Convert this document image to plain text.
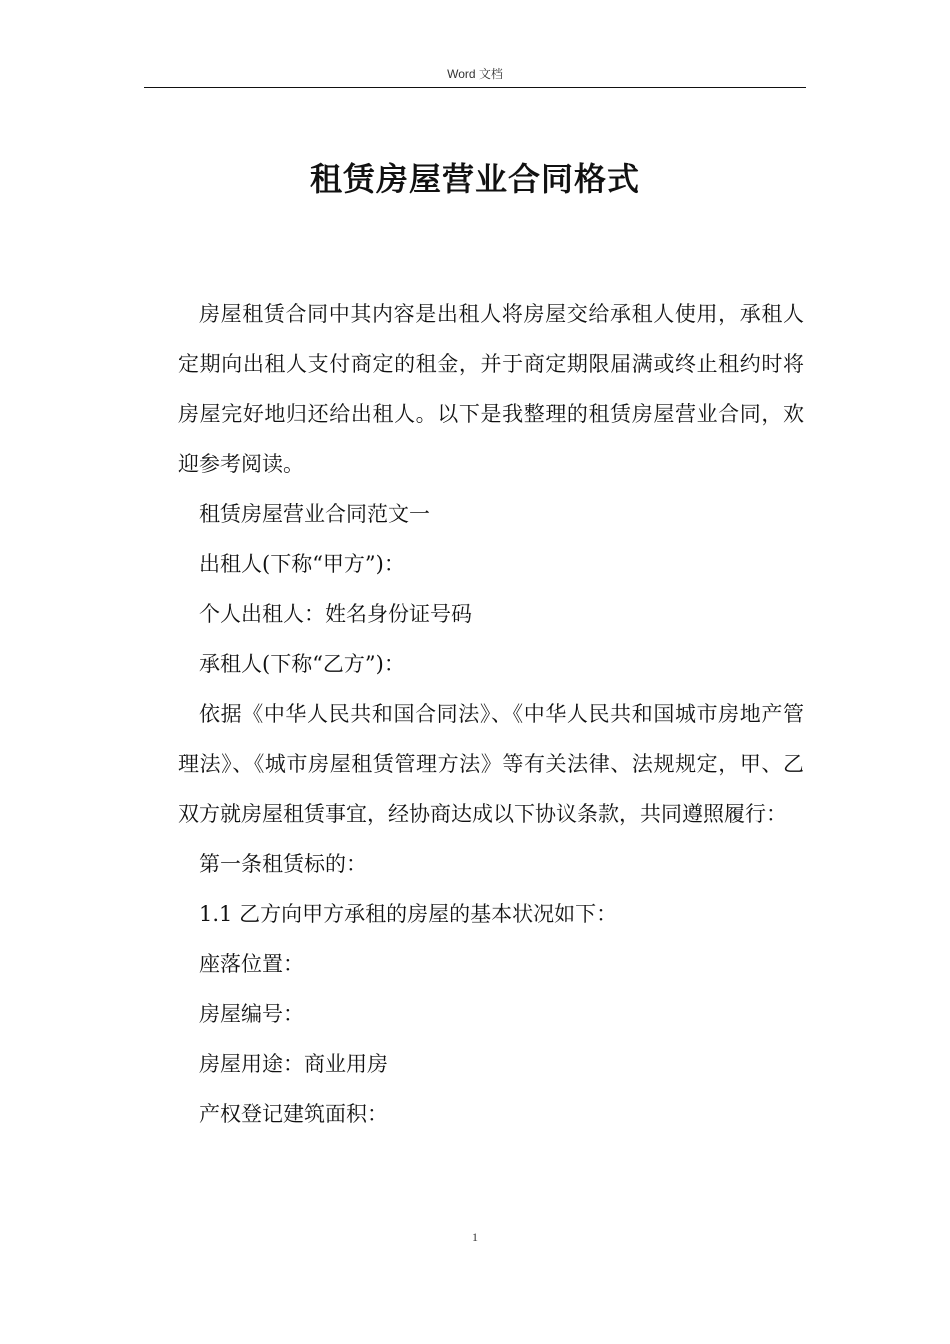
Word 文档
租赁房屋营业合同格式

房屋租赁合同中其内容是出租人将房屋交给承租人使用，承租人定期向出租人支付商定的租金，并于商定期限届满或终止租约时将房屋完好地归还给出租人。以下是我整理的租赁房屋营业合同，欢迎参考阅读。

租赁房屋营业合同范文一

出租人(下称“甲方”)：

个人出租人：姓名身份证号码

承租人(下称“乙方”)：

依据《中华人民共和国合同法》、《中华人民共和国城市房地产管理法》、《城市房屋租赁管理方法》等有关法律、法规规定，甲、乙双方就房屋租赁事宜，经协商达成以下协议条款，共同遵照履行：

第一条租赁标的：

1.1 乙方向甲方承租的房屋的基本状况如下：

座落位置：

房屋编号：

房屋用途：商业用房

产权登记建筑面积：

1
